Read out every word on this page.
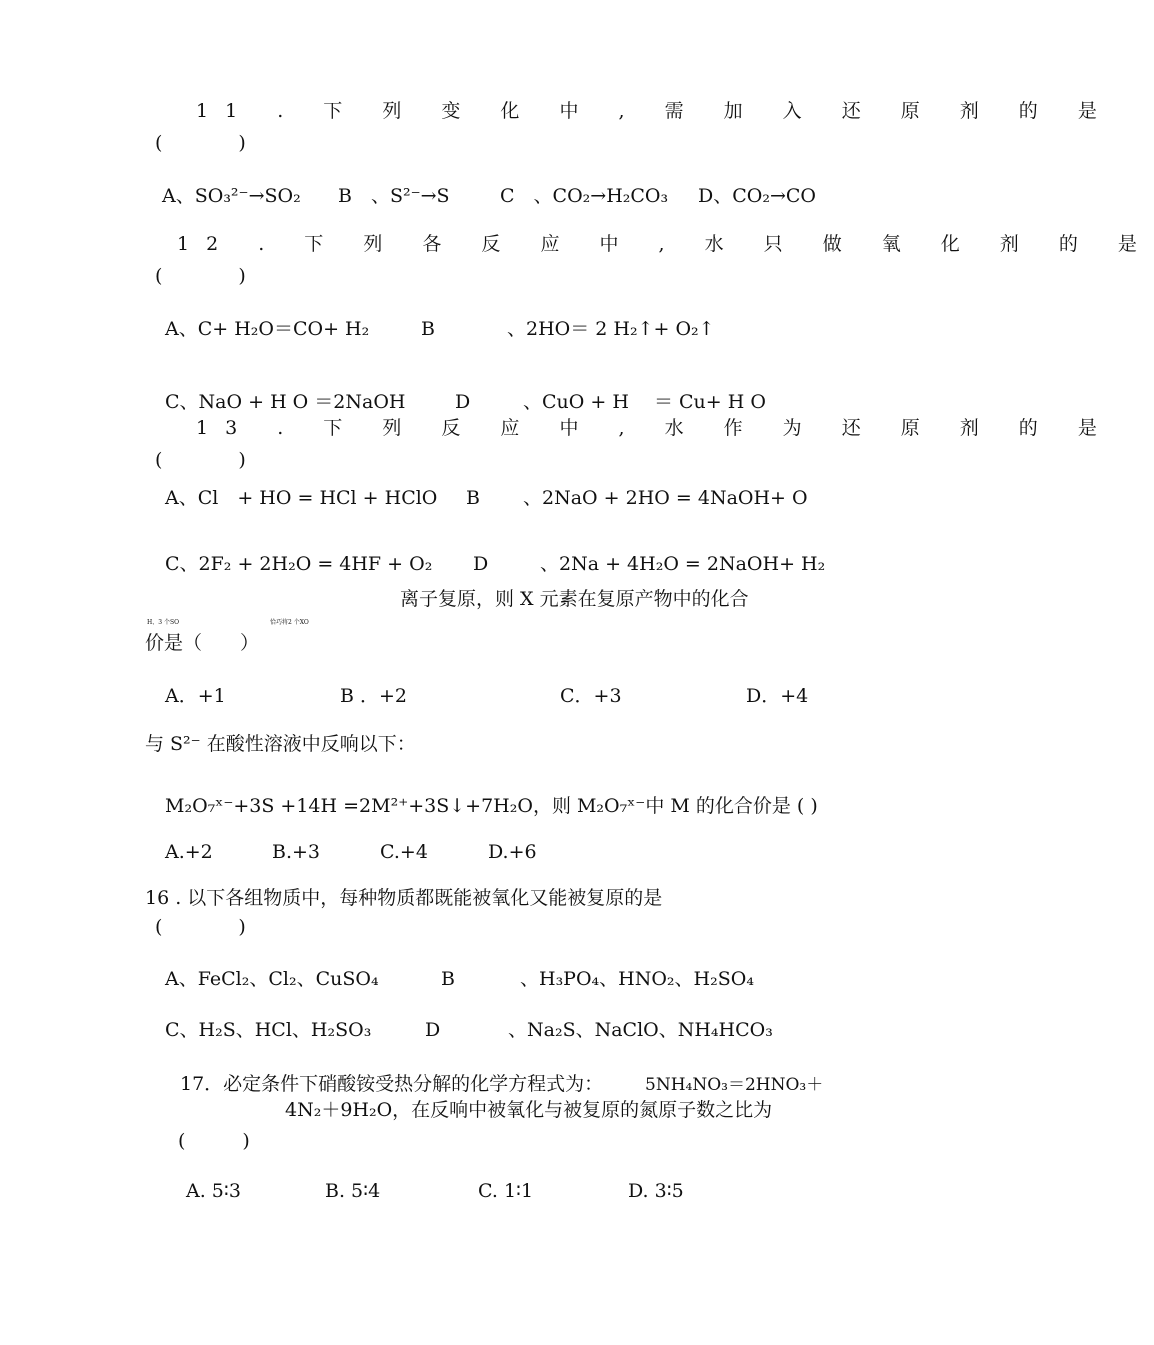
11 . 下 列 变 化 中 , 需 加 入 还 原 剂 的 是
(　　　　)
A、SO₃²⁻→SO₂ B　、S²⁻→S	C　、CO₂→H₂CO₃ D、CO₂→CO
12 . 下 列 各 反 应 中 , 水 只 做 氧 化 剂 的 是
(　　　　)
A、C+ H₂O＝CO+ H₂	B	、2HO＝ 2 H₂↑+ O₂↑
C、NaO + H O ＝2NaOH	D	、CuO + H　 ＝ Cu+ H O
13 . 下 列 反 应 中 , 水 作 为 还 原 剂 的 是
(　　　　)
A、Cl　+ HO = HCl + HClO B 、2NaO + 2HO = 4NaOH+ O
C、2F₂ + 2H₂O = 4HF + O₂ D	、2Na + 4H₂O = 2NaOH+ H₂
H、3 个SO	恰巧将2 个XO
离子复原，则 X 元素在复原产物中的化合
价是（　　）
A．+1	B ．+2	C．+3	D．+4
与 S²⁻ 在酸性溶液中反响以下：
M₂O₇ˣ⁻+3S +14H =2M²⁺+3S↓+7H₂O，则 M₂O₇ˣ⁻中 M 的化合价是 ( )
A.+2	B.+3	C.+4	D.+6
16 . 以下各组物质中，每种物质都既能被氧化又能被复原的是
(　　　　)
A、FeCl₂、Cl₂、CuSO₄	B	、H₃PO₄、HNO₂、H₂SO₄
C、H₂S、HCl、H₂SO₃	D	、Na₂S、NaClO、NH₄HCO₃
17．必定条件下硝酸铵受热分解的化学方程式为： 5NH₄NO₃＝2HNO₃＋
4N₂＋9H₂O，在反响中被氧化与被复原的氮原子数之比为
(　　　)
A. 5∶3	B. 5∶4	C. 1∶1	D. 3∶5
